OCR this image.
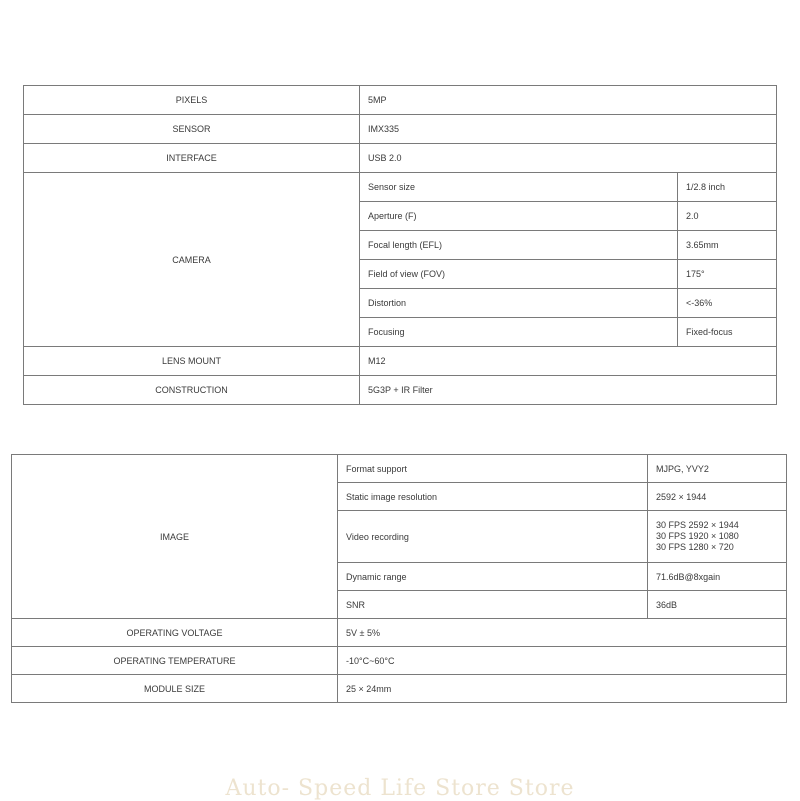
PIXELS	5MP	
SENSOR	IMX335	
INTERFACE	USB 2.0	
CAMERA	Sensor size	1/2.8 inch
	Aperture (F)	2.0
	Focal length (EFL)	3.65mm
	Field of view (FOV)	175°
	Distortion	<-36%
	Focusing	Fixed-focus
LENS MOUNT	M12	
CONSTRUCTION	5G3P + IR Filter	
IMAGE	Format support	MJPG, YVY2
	Static image resolution	2592 × 1944
	Video recording	30 FPS 2592 × 1944
30 FPS 1920 × 1080
30 FPS 1280 × 720

	Dynamic range	71.6dB@8xgain
	SNR	36dB
OPERATING VOLTAGE	5V ± 5%	
OPERATING TEMPERATURE	-10°C~60°C	
MODULE SIZE	25 × 24mm	
Auto- Speed Life Store Store
